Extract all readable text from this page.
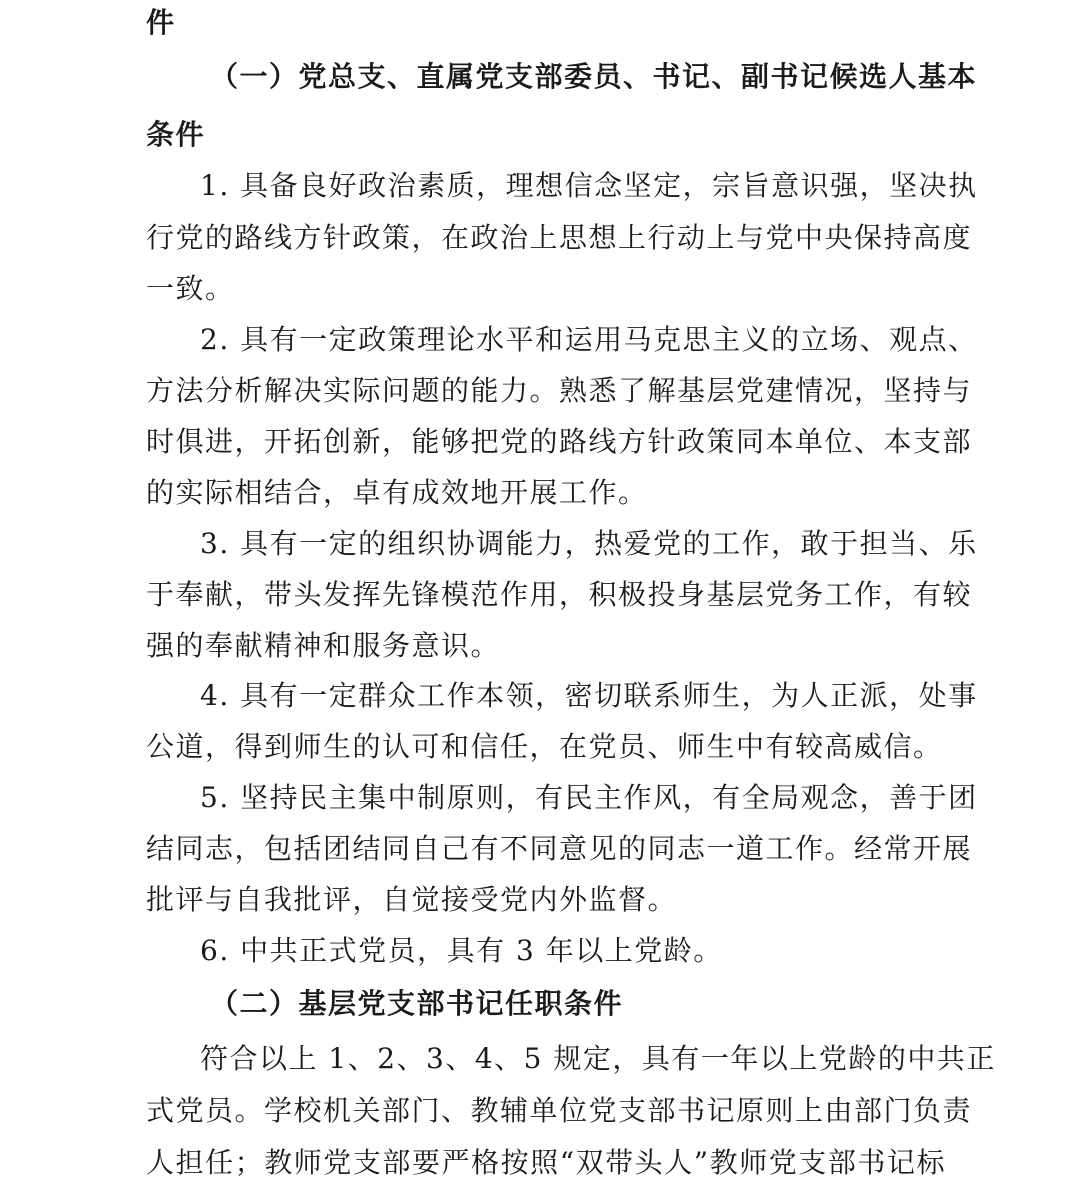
件
（一）党总支、直属党支部委员、书记、副书记候选人基本
条件
1. 具备良好政治素质，理想信念坚定，宗旨意识强，坚决执
行党的路线方针政策，在政治上思想上行动上与党中央保持高度
一致。
2. 具有一定政策理论水平和运用马克思主义的立场、观点、
方法分析解决实际问题的能力。熟悉了解基层党建情况，坚持与
时俱进，开拓创新，能够把党的路线方针政策同本单位、本支部
的实际相结合，卓有成效地开展工作。
3. 具有一定的组织协调能力，热爱党的工作，敢于担当、乐
于奉献，带头发挥先锋模范作用，积极投身基层党务工作，有较
强的奉献精神和服务意识。
4. 具有一定群众工作本领，密切联系师生，为人正派，处事
公道，得到师生的认可和信任，在党员、师生中有较高威信。
5. 坚持民主集中制原则，有民主作风，有全局观念，善于团
结同志，包括团结同自己有不同意见的同志一道工作。经常开展
批评与自我批评，自觉接受党内外监督。
6. 中共正式党员，具有 3 年以上党龄。
（二）基层党支部书记任职条件
符合以上 1、2、3、4、5 规定，具有一年以上党龄的中共正
式党员。学校机关部门、教辅单位党支部书记原则上由部门负责
人担任；教师党支部要严格按照“双带头人”教师党支部书记标
